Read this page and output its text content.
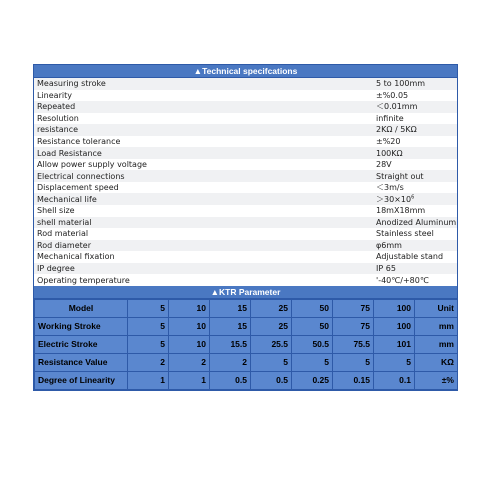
▲Technical specifcations
Measuring stroke	5 to 100mm
Linearity	±%0.05
Repeated	＜0.01mm
Resolution	infinite
resistance	2KΩ / 5KΩ
Resistance tolerance	±%20
Load Resistance	100KΩ
Allow power supply voltage	28V
Electrical connections	Straight out
Displacement speed	＜3m/s
Mechanical life	$>30\times 10^6$
Shell size	18mX18mm
shell material	Anodized Aluminum
Rod material	Stainless steel
Rod diameter	φ6mm
Mechanical fixation	Adjustable stand
IP degree	IP 65
Operating temperature	'-40℃/+80℃
▲KTR Parameter
Model	5	10	15	25	50	75	100	Unit
Working Stroke	5	10	15	25	50	75	100	mm
Electric Stroke	5	10	15.5	25.5	50.5	75.5	101	mm
Resistance Value	2	2	2	5	5	5	5	KΩ
Degree of Linearity	1	1	0.5	0.5	0.25	0.15	0.1	±%
